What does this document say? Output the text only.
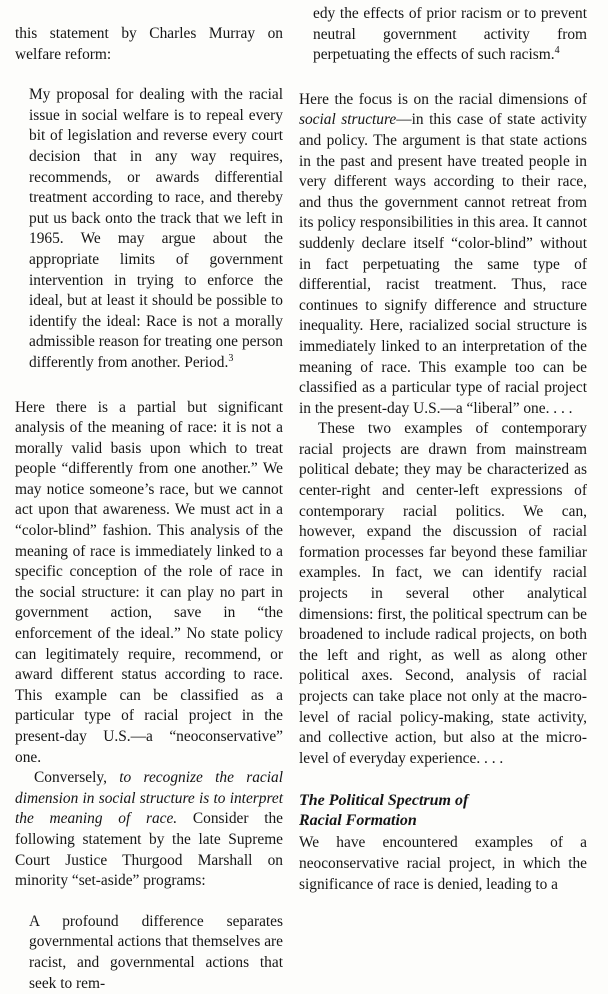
this statement by Charles Murray on welfare reform:

My proposal for dealing with the racial issue in social welfare is to repeal every bit of legislation and reverse every court decision that in any way requires, recommends, or awards differential treatment according to race, and thereby put us back onto the track that we left in 1965. We may argue about the appropriate limits of government intervention in trying to enforce the ideal, but at least it should be possible to identify the ideal: Race is not a morally admissible reason for treating one person differently from another. Period.$^3$

Here there is a partial but significant analysis of the meaning of race: it is not a morally valid basis upon which to treat people “differently from one another.” We may notice someone’s race, but we cannot act upon that awareness. We must act in a “color-blind” fashion. This analysis of the meaning of race is immediately linked to a specific conception of the role of race in the social structure: it can play no part in government action, save in “the enforcement of the ideal.” No state policy can legitimately require, recommend, or award different status according to race. This example can be classified as a particular type of racial project in the present-day U.S.—a “neoconservative” one.

Conversely, to recognize the racial dimension in social structure is to interpret the meaning of race. Consider the following statement by the late Supreme Court Justice Thurgood Marshall on minority “set-aside” programs:

A profound difference separates governmental actions that themselves are racist, and governmental actions that seek to rem-

edy the effects of prior racism or to prevent neutral government activity from perpetuating the effects of such racism.$^4$

Here the focus is on the racial dimensions of social structure—in this case of state activity and policy. The argument is that state actions in the past and present have treated people in very different ways according to their race, and thus the government cannot retreat from its policy responsibilities in this area. It cannot suddenly declare itself “color-blind” without in fact perpetuating the same type of differential, racist treatment. Thus, race continues to signify difference and structure inequality. Here, racialized social structure is immediately linked to an interpretation of the meaning of race. This example too can be classified as a particular type of racial project in the present-day U.S.—a “liberal” one. . . .

These two examples of contemporary racial projects are drawn from mainstream political debate; they may be characterized as center-right and center-left expressions of contemporary racial politics. We can, however, expand the discussion of racial formation processes far beyond these familiar examples. In fact, we can identify racial projects in several other analytical dimensions: first, the political spectrum can be broadened to include radical projects, on both the left and right, as well as along other political axes. Second, analysis of racial projects can take place not only at the macro-level of racial policy-making, state activity, and collective action, but also at the micro-level of everyday experience. . . .

The Political Spectrum of
Racial Formation

We have encountered examples of a neoconservative racial project, in which the significance of race is denied, leading to a
